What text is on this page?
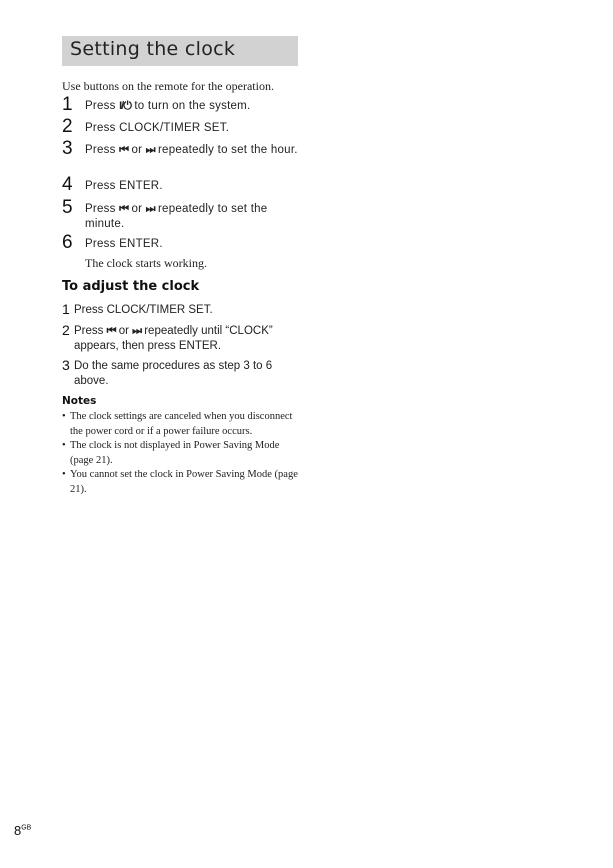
Setting the clock
Use buttons on the remote for the operation.
1 Press I/⏻ to turn on the system.
2 Press CLOCK/TIMER SET.
3 Press ⏮ or ⏭ repeatedly to set the hour.
4 Press ENTER.
5 Press ⏮ or ⏭ repeatedly to set the minute.
6 Press ENTER.
The clock starts working.
To adjust the clock
1 Press CLOCK/TIMER SET.
2 Press ⏮ or ⏭ repeatedly until “CLOCK” appears, then press ENTER.
3 Do the same procedures as step 3 to 6 above.
Notes
• The clock settings are canceled when you disconnect the power cord or if a power failure occurs.
• The clock is not displayed in Power Saving Mode (page 21).
• You cannot set the clock in Power Saving Mode (page 21).
$8^{GB}$
